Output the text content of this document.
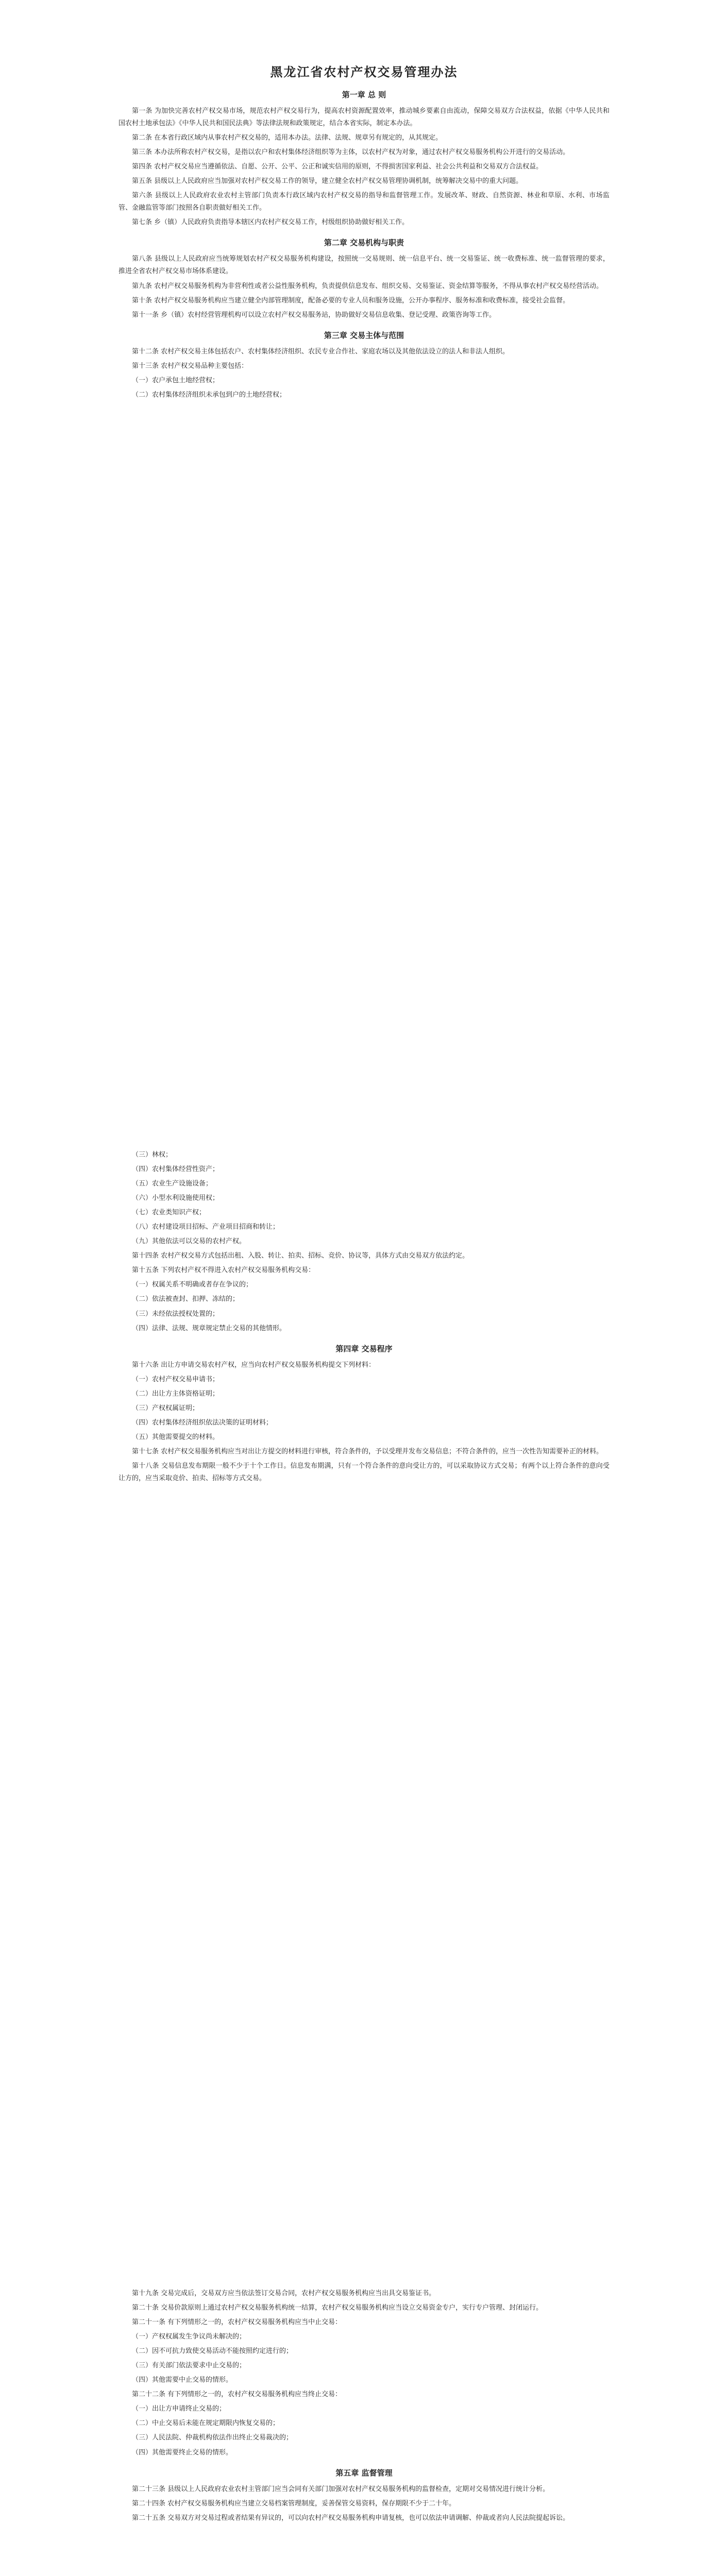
黑龙江省农村产权交易管理办法
第一章 总 则

第一条 为加快完善农村产权交易市场，规范农村产权交易行为，提高农村资源配置效率，推动城乡要素自由流动，保障交易双方合法权益，依据《中华人民共和国农村土地承包法》《中华人民共和国民法典》等法律法规和政策规定，结合本省实际，制定本办法。

第二条 在本省行政区域内从事农村产权交易的，适用本办法。法律、法规、规章另有规定的，从其规定。

第三条 本办法所称农村产权交易，是指以农户和农村集体经济组织等为主体，以农村产权为对象，通过农村产权交易服务机构公开进行的交易活动。

第四条 农村产权交易应当遵循依法、自愿、公开、公平、公正和诚实信用的原则，不得损害国家利益、社会公共利益和交易双方合法权益。

第五条 县级以上人民政府应当加强对农村产权交易工作的领导，建立健全农村产权交易管理协调机制，统筹解决交易中的重大问题。

第六条 县级以上人民政府农业农村主管部门负责本行政区域内农村产权交易的指导和监督管理工作。发展改革、财政、自然资源、林业和草原、水利、市场监管、金融监管等部门按照各自职责做好相关工作。

第七条 乡（镇）人民政府负责指导本辖区内农村产权交易工作，村级组织协助做好相关工作。

第二章 交易机构与职责

第八条 县级以上人民政府应当统筹规划农村产权交易服务机构建设，按照统一交易规则、统一信息平台、统一交易鉴证、统一收费标准、统一监督管理的要求，推进全省农村产权交易市场体系建设。

第九条 农村产权交易服务机构为非营利性或者公益性服务机构，负责提供信息发布、组织交易、交易鉴证、资金结算等服务，不得从事农村产权交易经营活动。

第十条 农村产权交易服务机构应当建立健全内部管理制度，配备必要的专业人员和服务设施，公开办事程序、服务标准和收费标准，接受社会监督。

第十一条 乡（镇）农村经营管理机构可以设立农村产权交易服务站，协助做好交易信息收集、登记受理、政策咨询等工作。

第三章 交易主体与范围

第十二条 农村产权交易主体包括农户、农村集体经济组织、农民专业合作社、家庭农场以及其他依法设立的法人和非法人组织。

第十三条 农村产权交易品种主要包括：

（一）农户承包土地经营权；

（二）农村集体经济组织未承包到户的土地经营权；

（三）林权；

（四）农村集体经营性资产；

（五）农业生产设施设备；

（六）小型水利设施使用权；

（七）农业类知识产权；

（八）农村建设项目招标、产业项目招商和转让；

（九）其他依法可以交易的农村产权。

第十四条 农村产权交易方式包括出租、入股、转让、拍卖、招标、竞价、协议等，具体方式由交易双方依法约定。

第十五条 下列农村产权不得进入农村产权交易服务机构交易：

（一）权属关系不明确或者存在争议的；

（二）依法被查封、扣押、冻结的；

（三）未经依法授权处置的；

（四）法律、法规、规章规定禁止交易的其他情形。

第四章 交易程序

第十六条 出让方申请交易农村产权，应当向农村产权交易服务机构提交下列材料：

（一）农村产权交易申请书；

（二）出让方主体资格证明；

（三）产权权属证明；

（四）农村集体经济组织依法决策的证明材料；

（五）其他需要提交的材料。

第十七条 农村产权交易服务机构应当对出让方提交的材料进行审核，符合条件的，予以受理并发布交易信息；不符合条件的，应当一次性告知需要补正的材料。

第十八条 交易信息发布期限一般不少于十个工作日。信息发布期满，只有一个符合条件的意向受让方的，可以采取协议方式交易；有两个以上符合条件的意向受让方的，应当采取竞价、拍卖、招标等方式交易。

第十九条 交易完成后，交易双方应当依法签订交易合同，农村产权交易服务机构应当出具交易鉴证书。

第二十条 交易价款原则上通过农村产权交易服务机构统一结算，农村产权交易服务机构应当设立交易资金专户，实行专户管理、封闭运行。

第二十一条 有下列情形之一的，农村产权交易服务机构应当中止交易：

（一）产权权属发生争议尚未解决的；

（二）因不可抗力致使交易活动不能按照约定进行的；

（三）有关部门依法要求中止交易的；

（四）其他需要中止交易的情形。

第二十二条 有下列情形之一的，农村产权交易服务机构应当终止交易：

（一）出让方申请终止交易的；

（二）中止交易后未能在规定期限内恢复交易的；

（三）人民法院、仲裁机构依法作出终止交易裁决的；

（四）其他需要终止交易的情形。

第五章 监督管理

第二十三条 县级以上人民政府农业农村主管部门应当会同有关部门加强对农村产权交易服务机构的监督检查，定期对交易情况进行统计分析。

第二十四条 农村产权交易服务机构应当建立交易档案管理制度，妥善保管交易资料，保存期限不少于二十年。

第二十五条 交易双方对交易过程或者结果有异议的，可以向农村产权交易服务机构申请复核，也可以依法申请调解、仲裁或者向人民法院提起诉讼。
